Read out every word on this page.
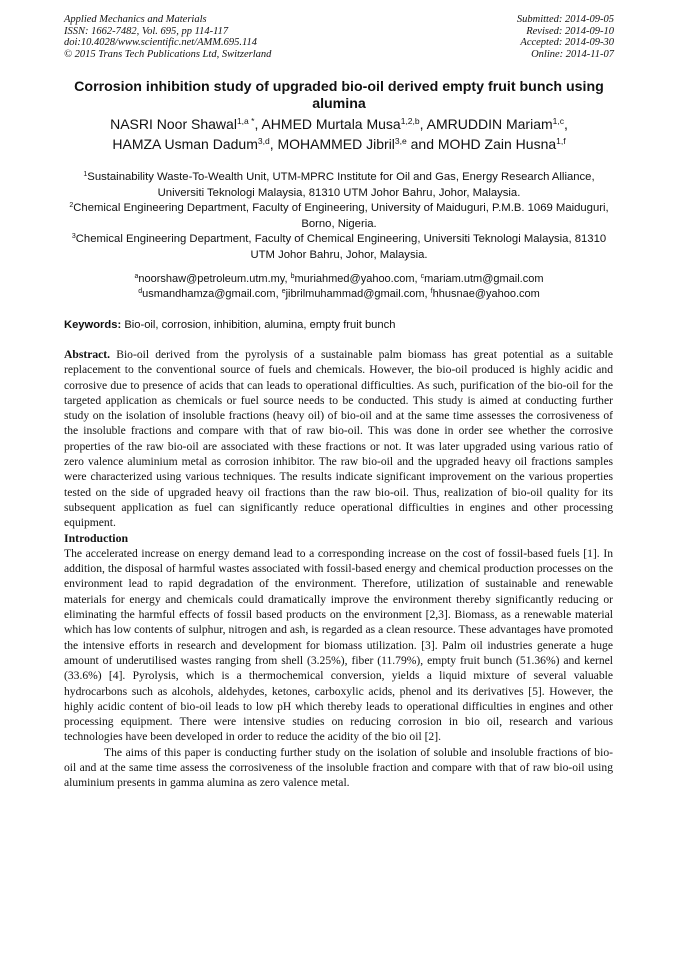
Applied Mechanics and Materials
ISSN: 1662-7482, Vol. 695, pp 114-117
doi:10.4028/www.scientific.net/AMM.695.114
© 2015 Trans Tech Publications Ltd, Switzerland
Submitted: 2014-09-05
Revised: 2014-09-10
Accepted: 2014-09-30
Online: 2014-11-07
Corrosion inhibition study of upgraded bio-oil derived empty fruit bunch using alumina
NASRI Noor Shawal$^{1,a *}$, AHMED Murtala Musa$^{1,2,b}$, AMRUDDIN Mariam$^{1,c}$,
HAMZA Usman Dadum$^{3,d}$, MOHAMMED Jibril$^{3,e}$ and MOHD Zain Husna$^{1,f}$

$^1$Sustainability Waste-To-Wealth Unit, UTM-MPRC Institute for Oil and Gas, Energy Research Alliance, Universiti Teknologi Malaysia, 81310 UTM Johor Bahru, Johor, Malaysia.

$^2$Chemical Engineering Department, Faculty of Engineering, University of Maiduguri, P.M.B. 1069 Maiduguri, Borno, Nigeria.

$^3$Chemical Engineering Department, Faculty of Chemical Engineering, Universiti Teknologi Malaysia, 81310 UTM Johor Bahru, Johor, Malaysia.

$^a$noorshaw@petroleum.utm.my, $^b$muriahmed@yahoo.com, $^c$mariam.utm@gmail.com

$^d$usmandhamza@gmail.com, $^e$jibrilmuhammad@gmail.com, $^f$hhusnae@yahoo.com

Keywords: Bio-oil, corrosion, inhibition, alumina, empty fruit bunch

Abstract. Bio-oil derived from the pyrolysis of a sustainable palm biomass has great potential as a suitable replacement to the conventional source of fuels and chemicals. However, the bio-oil produced is highly acidic and corrosive due to presence of acids that can leads to operational difficulties. As such, purification of the bio-oil for the targeted application as chemicals or fuel source needs to be conducted. This study is aimed at conducting further study on the isolation of insoluble fractions (heavy oil) of bio-oil and at the same time assesses the corrosiveness of the insoluble fractions and compare with that of raw bio-oil. This was done in order see whether the corrosive properties of the raw bio-oil are associated with these fractions or not. It was later upgraded using various ratio of zero valence aluminium metal as corrosion inhibitor. The raw bio-oil and the upgraded heavy oil fractions samples were characterized using various techniques. The results indicate significant improvement on the various properties tested on the side of upgraded heavy oil fractions than the raw bio-oil. Thus, realization of bio-oil quality for its subsequent application as fuel can significantly reduce operational difficulties in engines and other processing equipment.

Introduction

The accelerated increase on energy demand lead to a corresponding increase on the cost of fossil-based fuels [1]. In addition, the disposal of harmful wastes associated with fossil-based energy and chemical production processes on the environment lead to rapid degradation of the environment. Therefore, utilization of sustainable and renewable materials for energy and chemicals could dramatically improve the environment thereby significantly reducing or eliminating the harmful effects of fossil based products on the environment [2,3]. Biomass, as a renewable material which has low contents of sulphur, nitrogen and ash, is regarded as a clean resource. These advantages have promoted the intensive efforts in research and development for biomass utilization. [3]. Palm oil industries generate a huge amount of underutilised wastes ranging from shell (3.25%), fiber (11.79%), empty fruit bunch (51.36%) and kernel (33.6%) [4]. Pyrolysis, which is a thermochemical conversion, yields a liquid mixture of several valuable hydrocarbons such as alcohols, aldehydes, ketones, carboxylic acids, phenol and its derivatives [5]. However, the highly acidic content of bio-oil leads to low pH which thereby leads to operational difficulties in engines and other processing equipment. There were intensive studies on reducing corrosion in bio oil, research and various technologies have been developed in order to reduce the acidity of the bio oil [2].

The aims of this paper is conducting further study on the isolation of soluble and insoluble fractions of bio-oil and at the same time assess the corrosiveness of the insoluble fraction and compare with that of raw bio-oil using aluminium presents in gamma alumina as zero valence metal.
